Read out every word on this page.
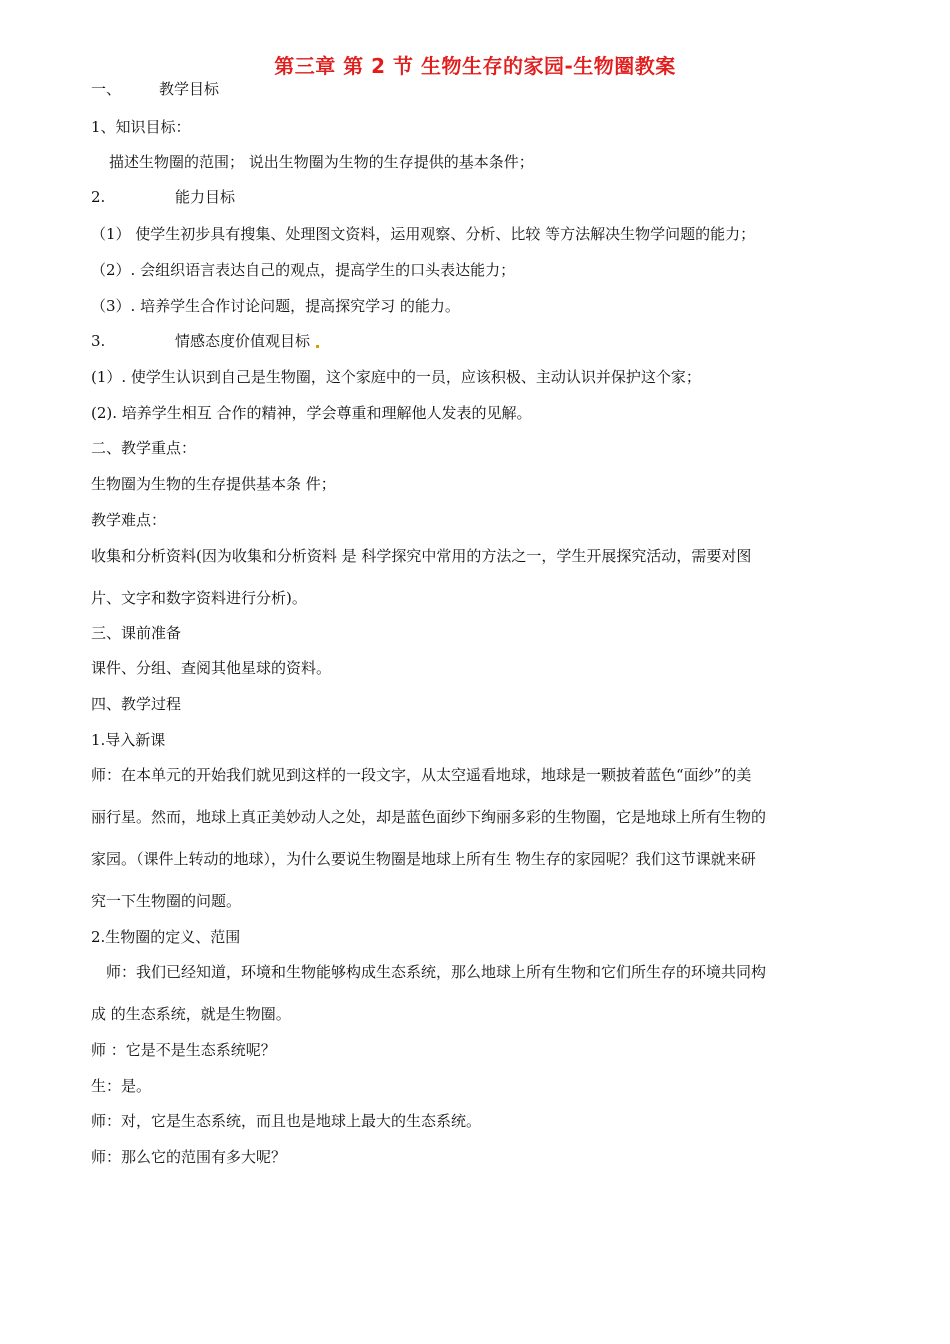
第三章 第 2 节 生物生存的家园-生物圈教案
一、	教学目标
1、知识目标：
描述生物圈的范围； 说出生物圈为生物的生存提供的基本条件；
2.	能力目标
（1） 使学生初步具有搜集、处理图文资料，运用观察、分析、比较 等方法解决生物学问题的能力；
（2）. 会组织语言表达自己的观点，提高学生的口头表达能力；
（3）. 培养学生合作讨论问题，提高探究学习 的能力。
3.	情感态度价值观目标
(1）. 使学生认识到自己是生物圈，这个家庭中的一员，应该积极、主动认识并保护这个家；
(2). 培养学生相互 合作的精神，学会尊重和理解他人发表的见解。
二、教学重点：
生物圈为生物的生存提供基本条 件；
教学难点：
收集和分析资料(因为收集和分析资料 是 科学探究中常用的方法之一，学生开展探究活动，需要对图
片、文字和数字资料进行分析)。
三、课前准备
课件、分组、查阅其他星球的资料。
四、教学过程
1.导入新课
师：在本单元的开始我们就见到这样的一段文字，从太空遥看地球，地球是一颗披着蓝色“面纱”的美
丽行星。然而，地球上真正美妙动人之处，却是蓝色面纱下绚丽多彩的生物圈，它是地球上所有生物的
家园。（课件上转动的地球），为什么要说生物圈是地球上所有生 物生存的家园呢？我们这节课就来研
究一下生物圈的问题。
2.生物圈的定义、范围
师：我们已经知道，环境和生物能够构成生态系统，那么地球上所有生物和它们所生存的环境共同构
成 的生态系统，就是生物圈。
师 ：它是不是生态系统呢？
生：是。
师：对，它是生态系统，而且也是地球上最大的生态系统。
师：那么它的范围有多大呢？
